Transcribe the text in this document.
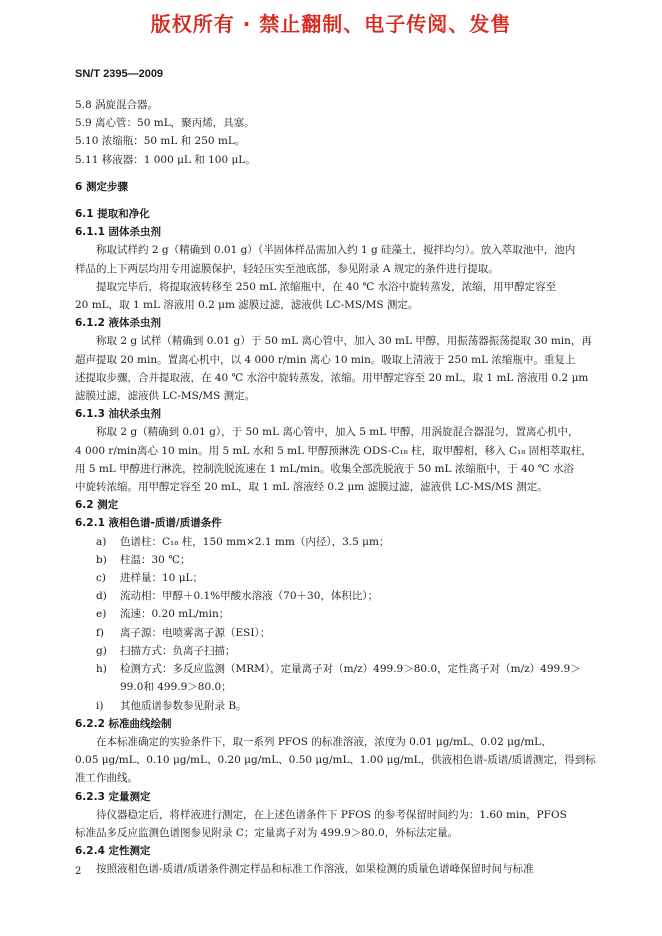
版权所有 · 禁止翻制、电子传阅、发售
SN/T 2395—2009
5.8 涡旋混合器。
5.9 离心管：50 mL，聚丙烯，具塞。
5.10 浓缩瓶：50 mL 和 250 mL。
5.11 移液器：1 000 μL 和 100 μL。
6 测定步骤
6.1 提取和净化
6.1.1 固体杀虫剂
称取试样约 2 g（精确到 0.01 g）（半固体样品需加入约 1 g 硅藻土，搅拌均匀）。放入萃取池中，池内
样品的上下两层均用专用滤膜保护，轻轻压实至池底部，参见附录 A 规定的条件进行提取。
提取完毕后，将提取液转移至 250 mL 浓缩瓶中，在 40 ℃ 水浴中旋转蒸发，浓缩，用甲醇定容至
20 mL，取 1 mL 溶液用 0.2 μm 滤膜过滤，滤液供 LC-MS/MS 测定。
6.1.2 液体杀虫剂
称取 2 g 试样（精确到 0.01 g）于 50 mL 离心管中，加入 30 mL 甲醇，用振荡器振荡提取 30 min，再
超声提取 20 min。置离心机中，以 4 000 r/min 离心 10 min。吸取上清液于 250 mL 浓缩瓶中。重复上
述提取步骤，合并提取液，在 40 ℃ 水浴中旋转蒸发，浓缩。用甲醇定容至 20 mL，取 1 mL 溶液用 0.2 μm
滤膜过滤，滤液供 LC-MS/MS 测定。
6.1.3 油状杀虫剂
称取 2 g（精确到 0.01 g），于 50 mL 离心管中，加入 5 mL 甲醇，用涡旋混合器混匀，置离心机中，
4 000 r/min离心 10 min。用 5 mL 水和 5 mL 甲醇预淋洗 ODS-C₁₈ 柱，取甲醇相，移入 C₁₈ 固相萃取柱，
用 5 mL 甲醇进行淋洗，控制洗脱流速在 1 mL/min。收集全部洗脱液于 50 mL 浓缩瓶中，于 40 ℃ 水浴
中旋转浓缩。用甲醇定容至 20 mL，取 1 mL 溶液经 0.2 μm 滤膜过滤，滤液供 LC-MS/MS 测定。
6.2 测定
6.2.1 液相色谱-质谱/质谱条件
a) 色谱柱：C₁₈ 柱，150 mm×2.1 mm（内径），3.5 μm；
b) 柱温：30 ℃；
c) 进样量：10 μL；
d) 流动相：甲醇＋0.1%甲酸水溶液（70＋30，体积比）；
e) 流速：0.20 mL/min；
f) 离子源：电喷雾离子源（ESI）；
g) 扫描方式：负离子扫描；
h) 检测方式：多反应监测（MRM），定量离子对（m/z）499.9＞80.0，定性离子对（m/z）499.9＞
99.0和 499.9＞80.0；
i) 其他质谱参数参见附录 B。
6.2.2 标准曲线绘制
在本标准确定的实验条件下，取一系列 PFOS 的标准溶液，浓度为 0.01 μg/mL、0.02 μg/mL、
0.05 μg/mL、0.10 μg/mL、0.20 μg/mL、0.50 μg/mL、1.00 μg/mL，供液相色谱-质谱/质谱测定，得到标
准工作曲线。
6.2.3 定量测定
待仪器稳定后，将样液进行测定，在上述色谱条件下 PFOS 的参考保留时间约为：1.60 min，PFOS
标准品多反应监测色谱图参见附录 C；定量离子对为 499.9＞80.0，外标法定量。
6.2.4 定性测定
按照液相色谱-质谱/质谱条件测定样品和标准工作溶液，如果检测的质量色谱峰保留时间与标准
2
